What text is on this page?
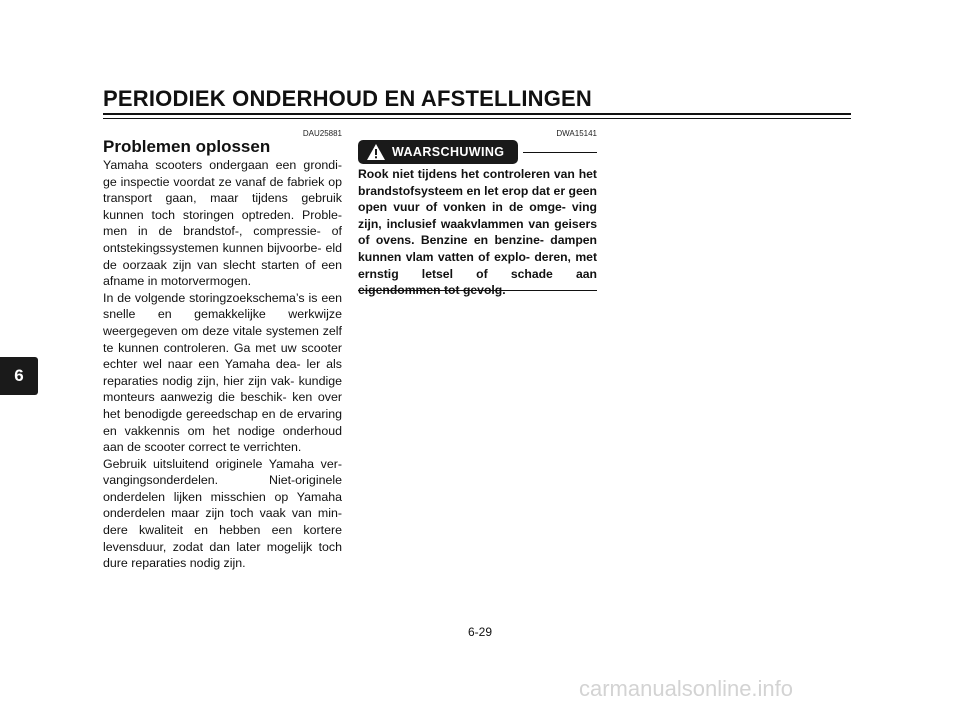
PERIODIEK ONDERHOUD EN AFSTELLINGEN
6
DAU25881
Problemen oplossen

Yamaha scooters ondergaan een grondi- ge inspectie voordat ze vanaf de fabriek op transport gaan, maar tijdens gebruik kunnen toch storingen optreden. Proble- men in de brandstof-, compressie- of ontstekingssystemen kunnen bijvoorbe- eld de oorzaak zijn van slecht starten of een afname in motorvermogen.

In de volgende storingzoekschema’s is een snelle en gemakkelijke werkwijze weergegeven om deze vitale systemen zelf te kunnen controleren. Ga met uw scooter echter wel naar een Yamaha dea- ler als reparaties nodig zijn, hier zijn vak- kundige monteurs aanwezig die beschik- ken over het benodigde gereedschap en de ervaring en vakkennis om het nodige onderhoud aan de scooter correct te verrichten.

Gebruik uitsluitend originele Yamaha ver- vangingsonderdelen. Niet-originele onderdelen lijken misschien op Yamaha onderdelen maar zijn toch vaak van min- dere kwaliteit en hebben een kortere levensduur, zodat dan later mogelijk toch dure reparaties nodig zijn.

DWA15141
WAARSCHUWING

Rook niet tijdens het controleren van het brandstofsysteem en let erop dat er geen open vuur of vonken in de omge- ving zijn, inclusief waakvlammen van geisers of ovens. Benzine en benzine- dampen kunnen vlam vatten of explo- deren, met ernstig letsel of schade aan eigendommen tot gevolg.

6-29
carmanualsonline.info
